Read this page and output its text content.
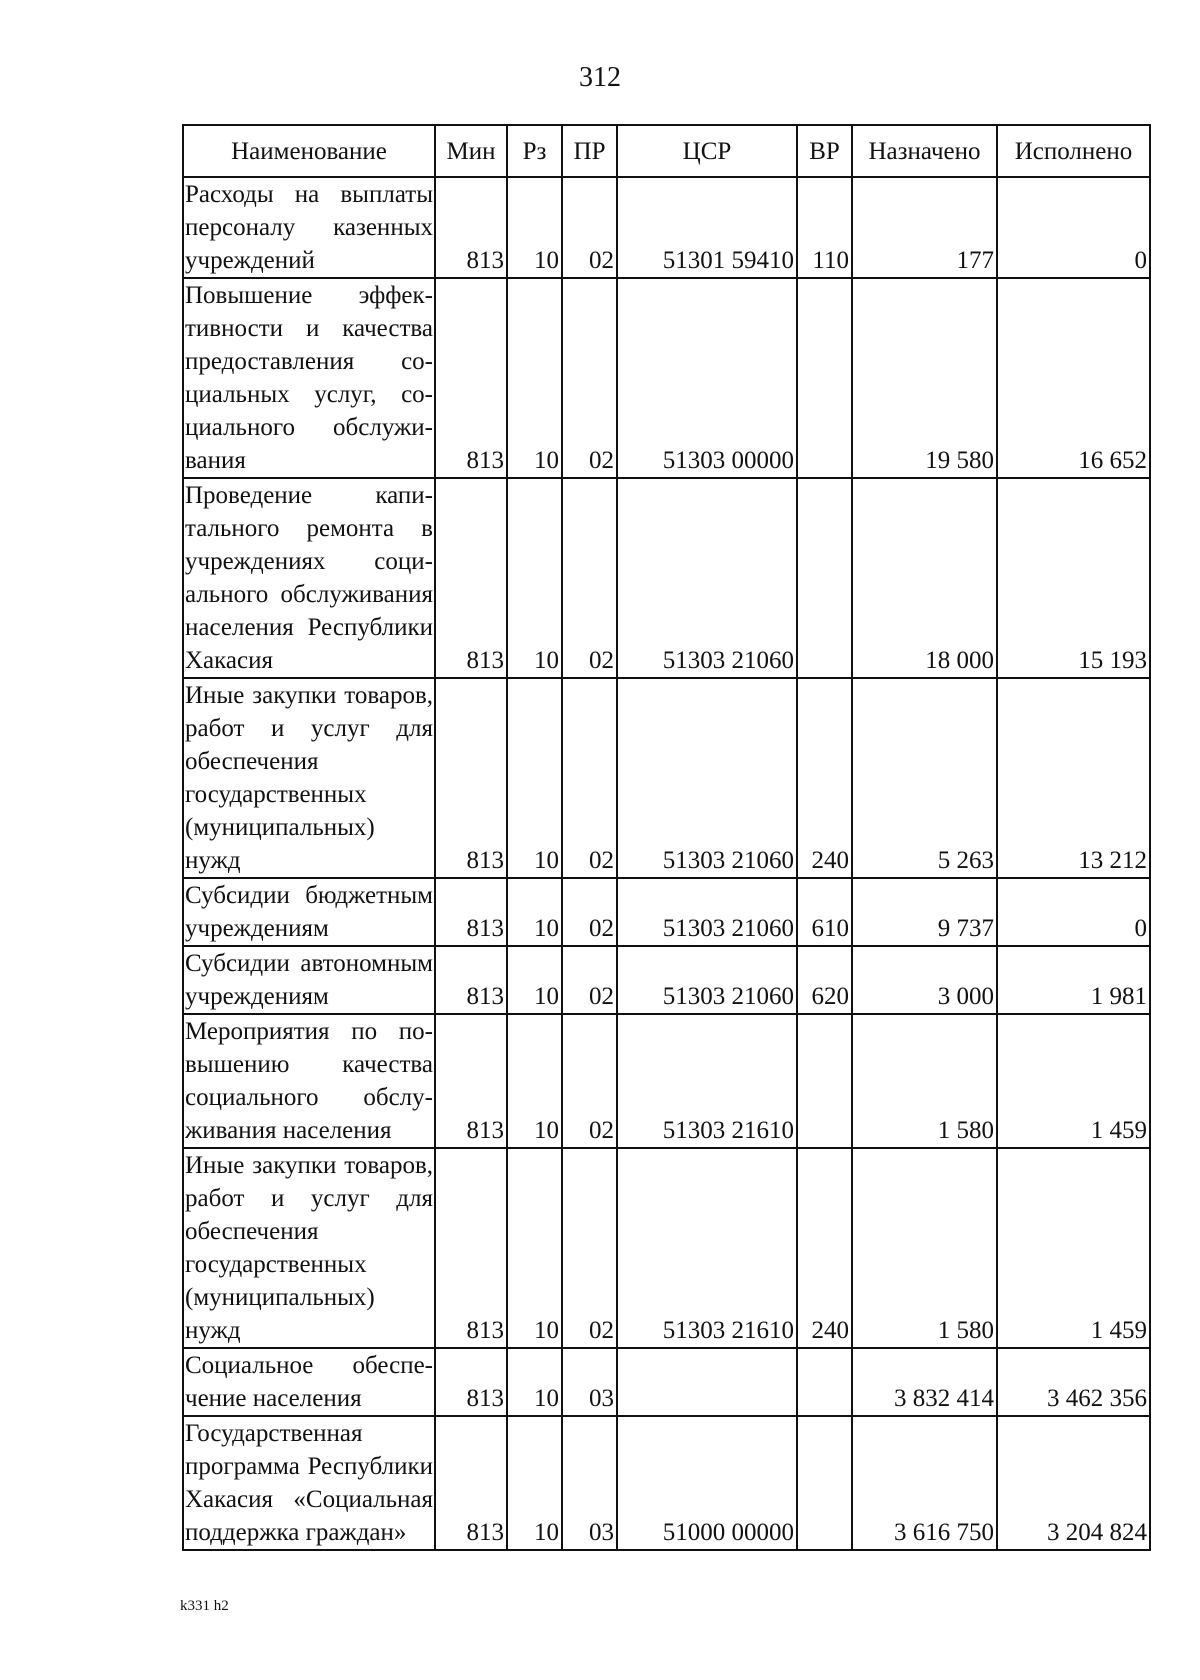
312
Наименование	Мин	Рз	ПР	ЦСР	ВР	Назначено	Исполнено
Расходы на выплаты персоналу казенных учреждений	813	10	02	51301 59410	110	177	0
Повышение эффективности и качества предоставления социальных услуг, социального обслуживания	813	10	02	51303 00000		19 580	16 652
Проведение капитального ремонта в учреждениях социального обслуживания населения Республики Хакасия	813	10	02	51303 21060		18 000	15 193
Иные закупки товаров, работ и услуг для обеспечения государственных (муниципальных) нужд	813	10	02	51303 21060	240	5 263	13 212
Субсидии бюджетным учреждениям	813	10	02	51303 21060	610	9 737	0
Субсидии автономным учреждениям	813	10	02	51303 21060	620	3 000	1 981
Мероприятия по повышению качества социального обслуживания населения	813	10	02	51303 21610		1 580	1 459
Иные закупки товаров, работ и услуг для обеспечения государственных (муниципальных) нужд	813	10	02	51303 21610	240	1 580	1 459
Социальное обеспечение населения	813	10	03			3 832 414	3 462 356
Государственная программа Республики Хакасия «Социальная поддержка граждан»	813	10	03	51000 00000		3 616 750	3 204 824
k331 h2
